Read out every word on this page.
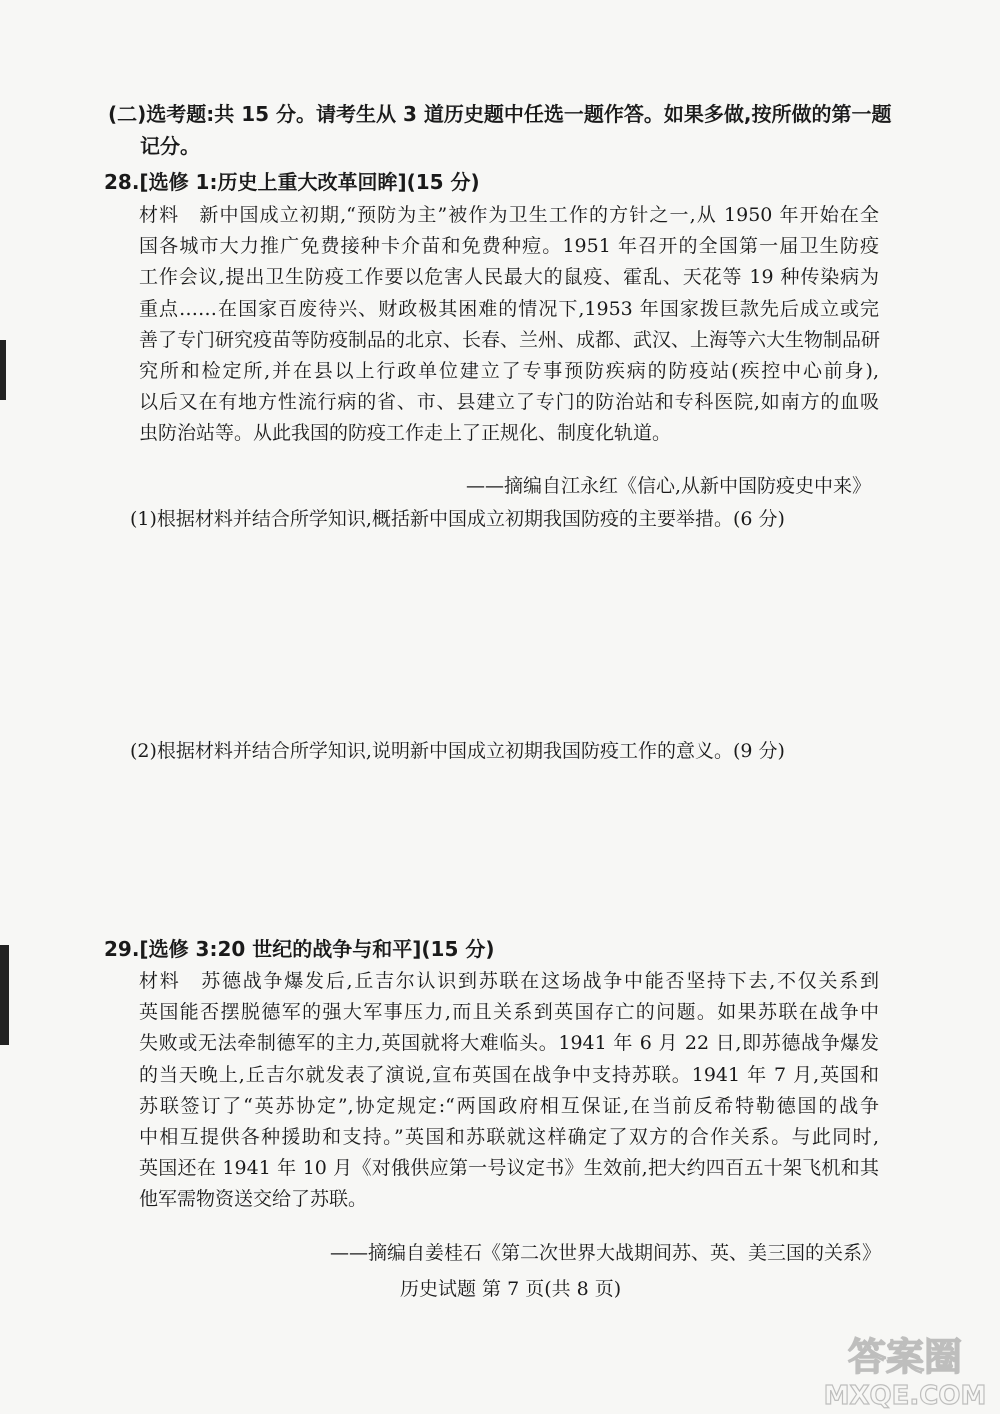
(二)选考题:共 15 分。请考生从 3 道历史题中任选一题作答。如果多做,按所做的第一题
记分。
28.[选修 1:历史上重大改革回眸](15 分)
材料　新中国成立初期,“预防为主”被作为卫生工作的方针之一,从 1950 年开始在全
国各城市大力推广免费接种卡介苗和免费种痘。1951 年召开的全国第一届卫生防疫
工作会议,提出卫生防疫工作要以危害人民最大的鼠疫、霍乱、天花等 19 种传染病为
重点……在国家百废待兴、财政极其困难的情况下,1953 年国家拨巨款先后成立或完
善了专门研究疫苗等防疫制品的北京、长春、兰州、成都、武汉、上海等六大生物制品研
究所和检定所,并在县以上行政单位建立了专事预防疾病的防疫站(疾控中心前身),
以后又在有地方性流行病的省、市、县建立了专门的防治站和专科医院,如南方的血吸
虫防治站等。从此我国的防疫工作走上了正规化、制度化轨道。
——摘编自江永红《信心,从新中国防疫史中来》
(1)根据材料并结合所学知识,概括新中国成立初期我国防疫的主要举措。(6 分)
(2)根据材料并结合所学知识,说明新中国成立初期我国防疫工作的意义。(9 分)
29.[选修 3:20 世纪的战争与和平](15 分)
材料　苏德战争爆发后,丘吉尔认识到苏联在这场战争中能否坚持下去,不仅关系到
英国能否摆脱德军的强大军事压力,而且关系到英国存亡的问题。如果苏联在战争中
失败或无法牵制德军的主力,英国就将大难临头。1941 年 6 月 22 日,即苏德战争爆发
的当天晚上,丘吉尔就发表了演说,宣布英国在战争中支持苏联。1941 年 7 月,英国和
苏联签订了“英苏协定”,协定规定:“两国政府相互保证,在当前反希特勒德国的战争
中相互提供各种援助和支持。”英国和苏联就这样确定了双方的合作关系。与此同时,
英国还在 1941 年 10 月《对俄供应第一号议定书》生效前,把大约四百五十架飞机和其
他军需物资送交给了苏联。
——摘编自姜桂石《第二次世界大战期间苏、英、美三国的关系》
历史试题 第 7 页(共 8 页)
答案圈
MXQE.COM
